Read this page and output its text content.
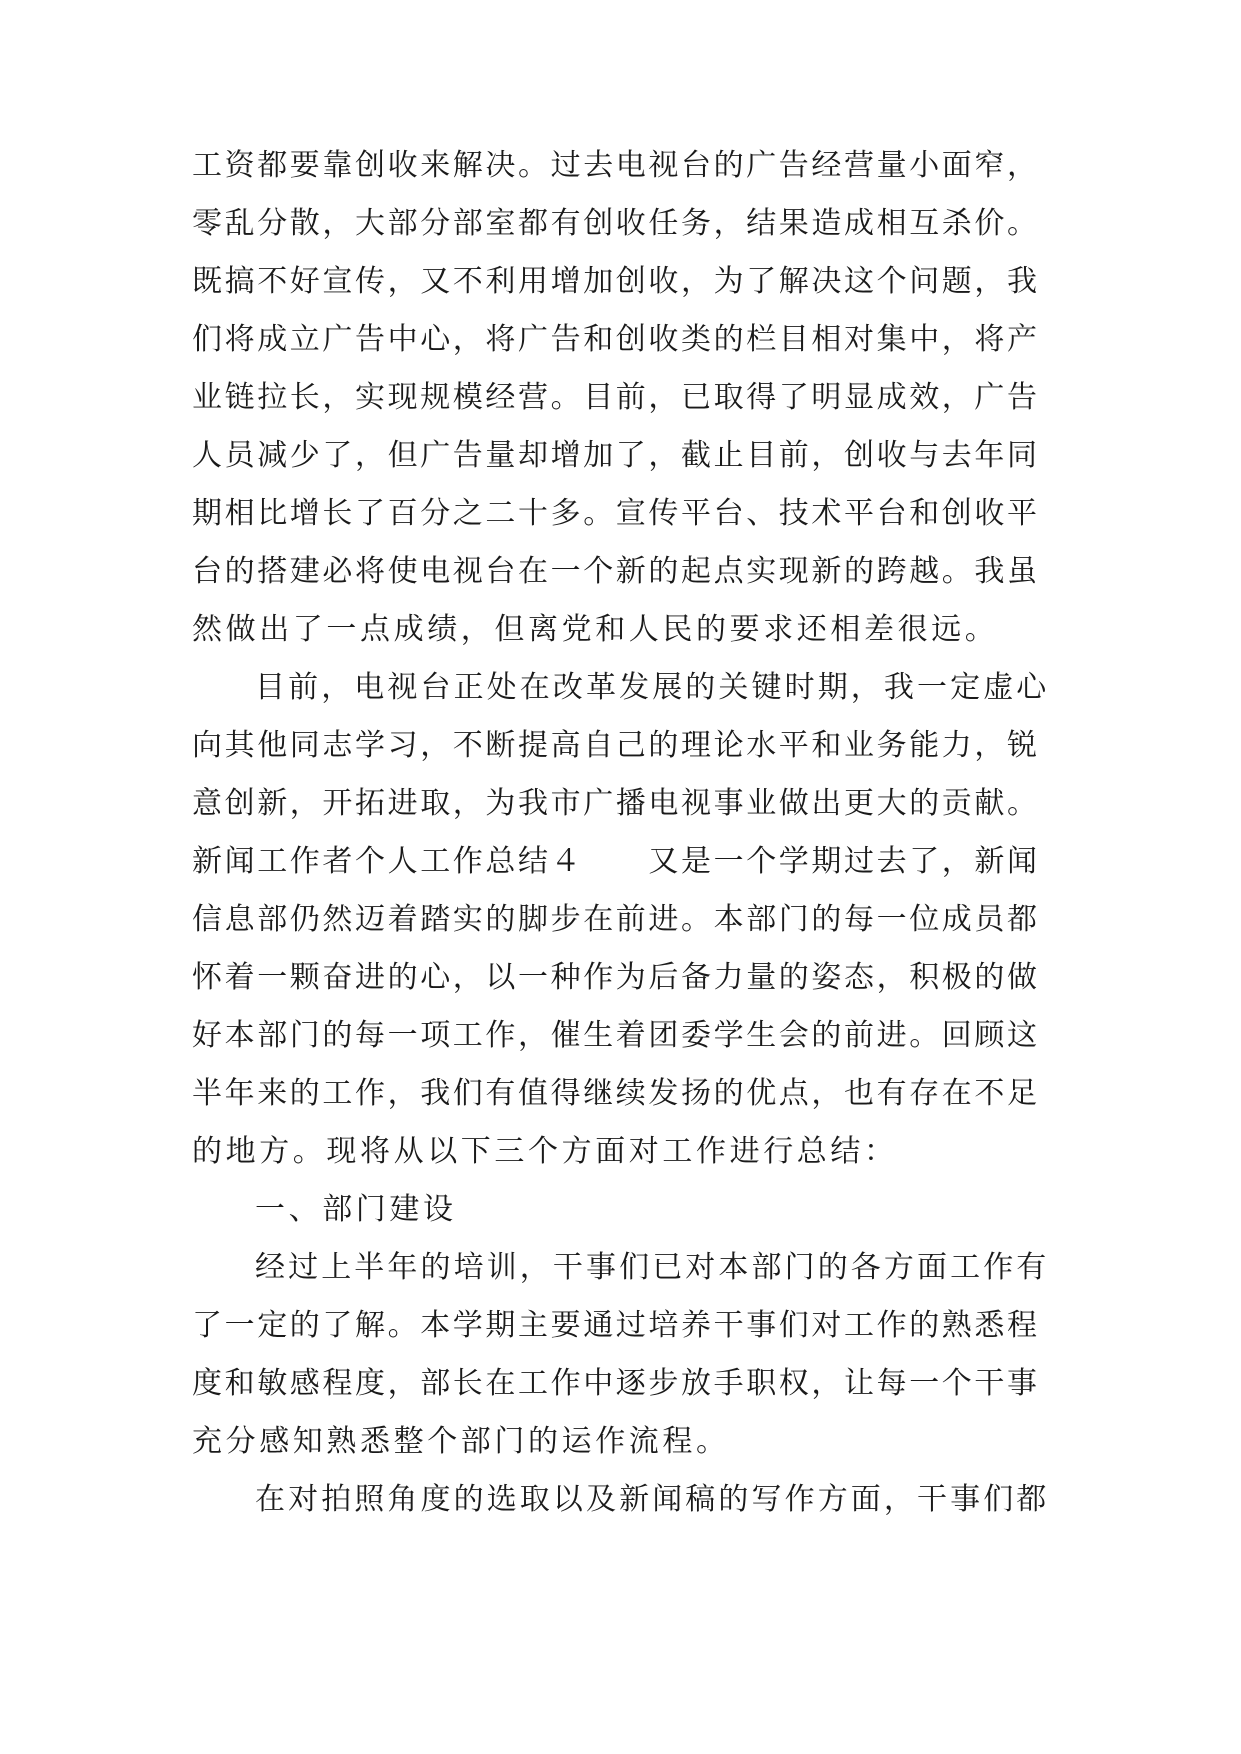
工资都要靠创收来解决。过去电视台的广告经营量小面窄，
零乱分散，大部分部室都有创收任务，结果造成相互杀价。
既搞不好宣传，又不利用增加创收，为了解决这个问题，我
们将成立广告中心，将广告和创收类的栏目相对集中，将产
业链拉长，实现规模经营。目前，已取得了明显成效，广告
人员减少了，但广告量却增加了，截止目前，创收与去年同
期相比增长了百分之二十多。宣传平台、技术平台和创收平
台的搭建必将使电视台在一个新的起点实现新的跨越。我虽
然做出了一点成绩，但离党和人民的要求还相差很远。
目前，电视台正处在改革发展的关键时期，我一定虚心
向其他同志学习，不断提高自己的理论水平和业务能力，锐
意创新，开拓进取，为我市广播电视事业做出更大的贡献。
新闻工作者个人工作总结４　　又是一个学期过去了，新闻
信息部仍然迈着踏实的脚步在前进。本部门的每一位成员都
怀着一颗奋进的心，以一种作为后备力量的姿态，积极的做
好本部门的每一项工作，催生着团委学生会的前进。回顾这
半年来的工作，我们有值得继续发扬的优点，也有存在不足
的地方。现将从以下三个方面对工作进行总结：
一、部门建设
经过上半年的培训，干事们已对本部门的各方面工作有
了一定的了解。本学期主要通过培养干事们对工作的熟悉程
度和敏感程度，部长在工作中逐步放手职权，让每一个干事
充分感知熟悉整个部门的运作流程。
在对拍照角度的选取以及新闻稿的写作方面，干事们都
